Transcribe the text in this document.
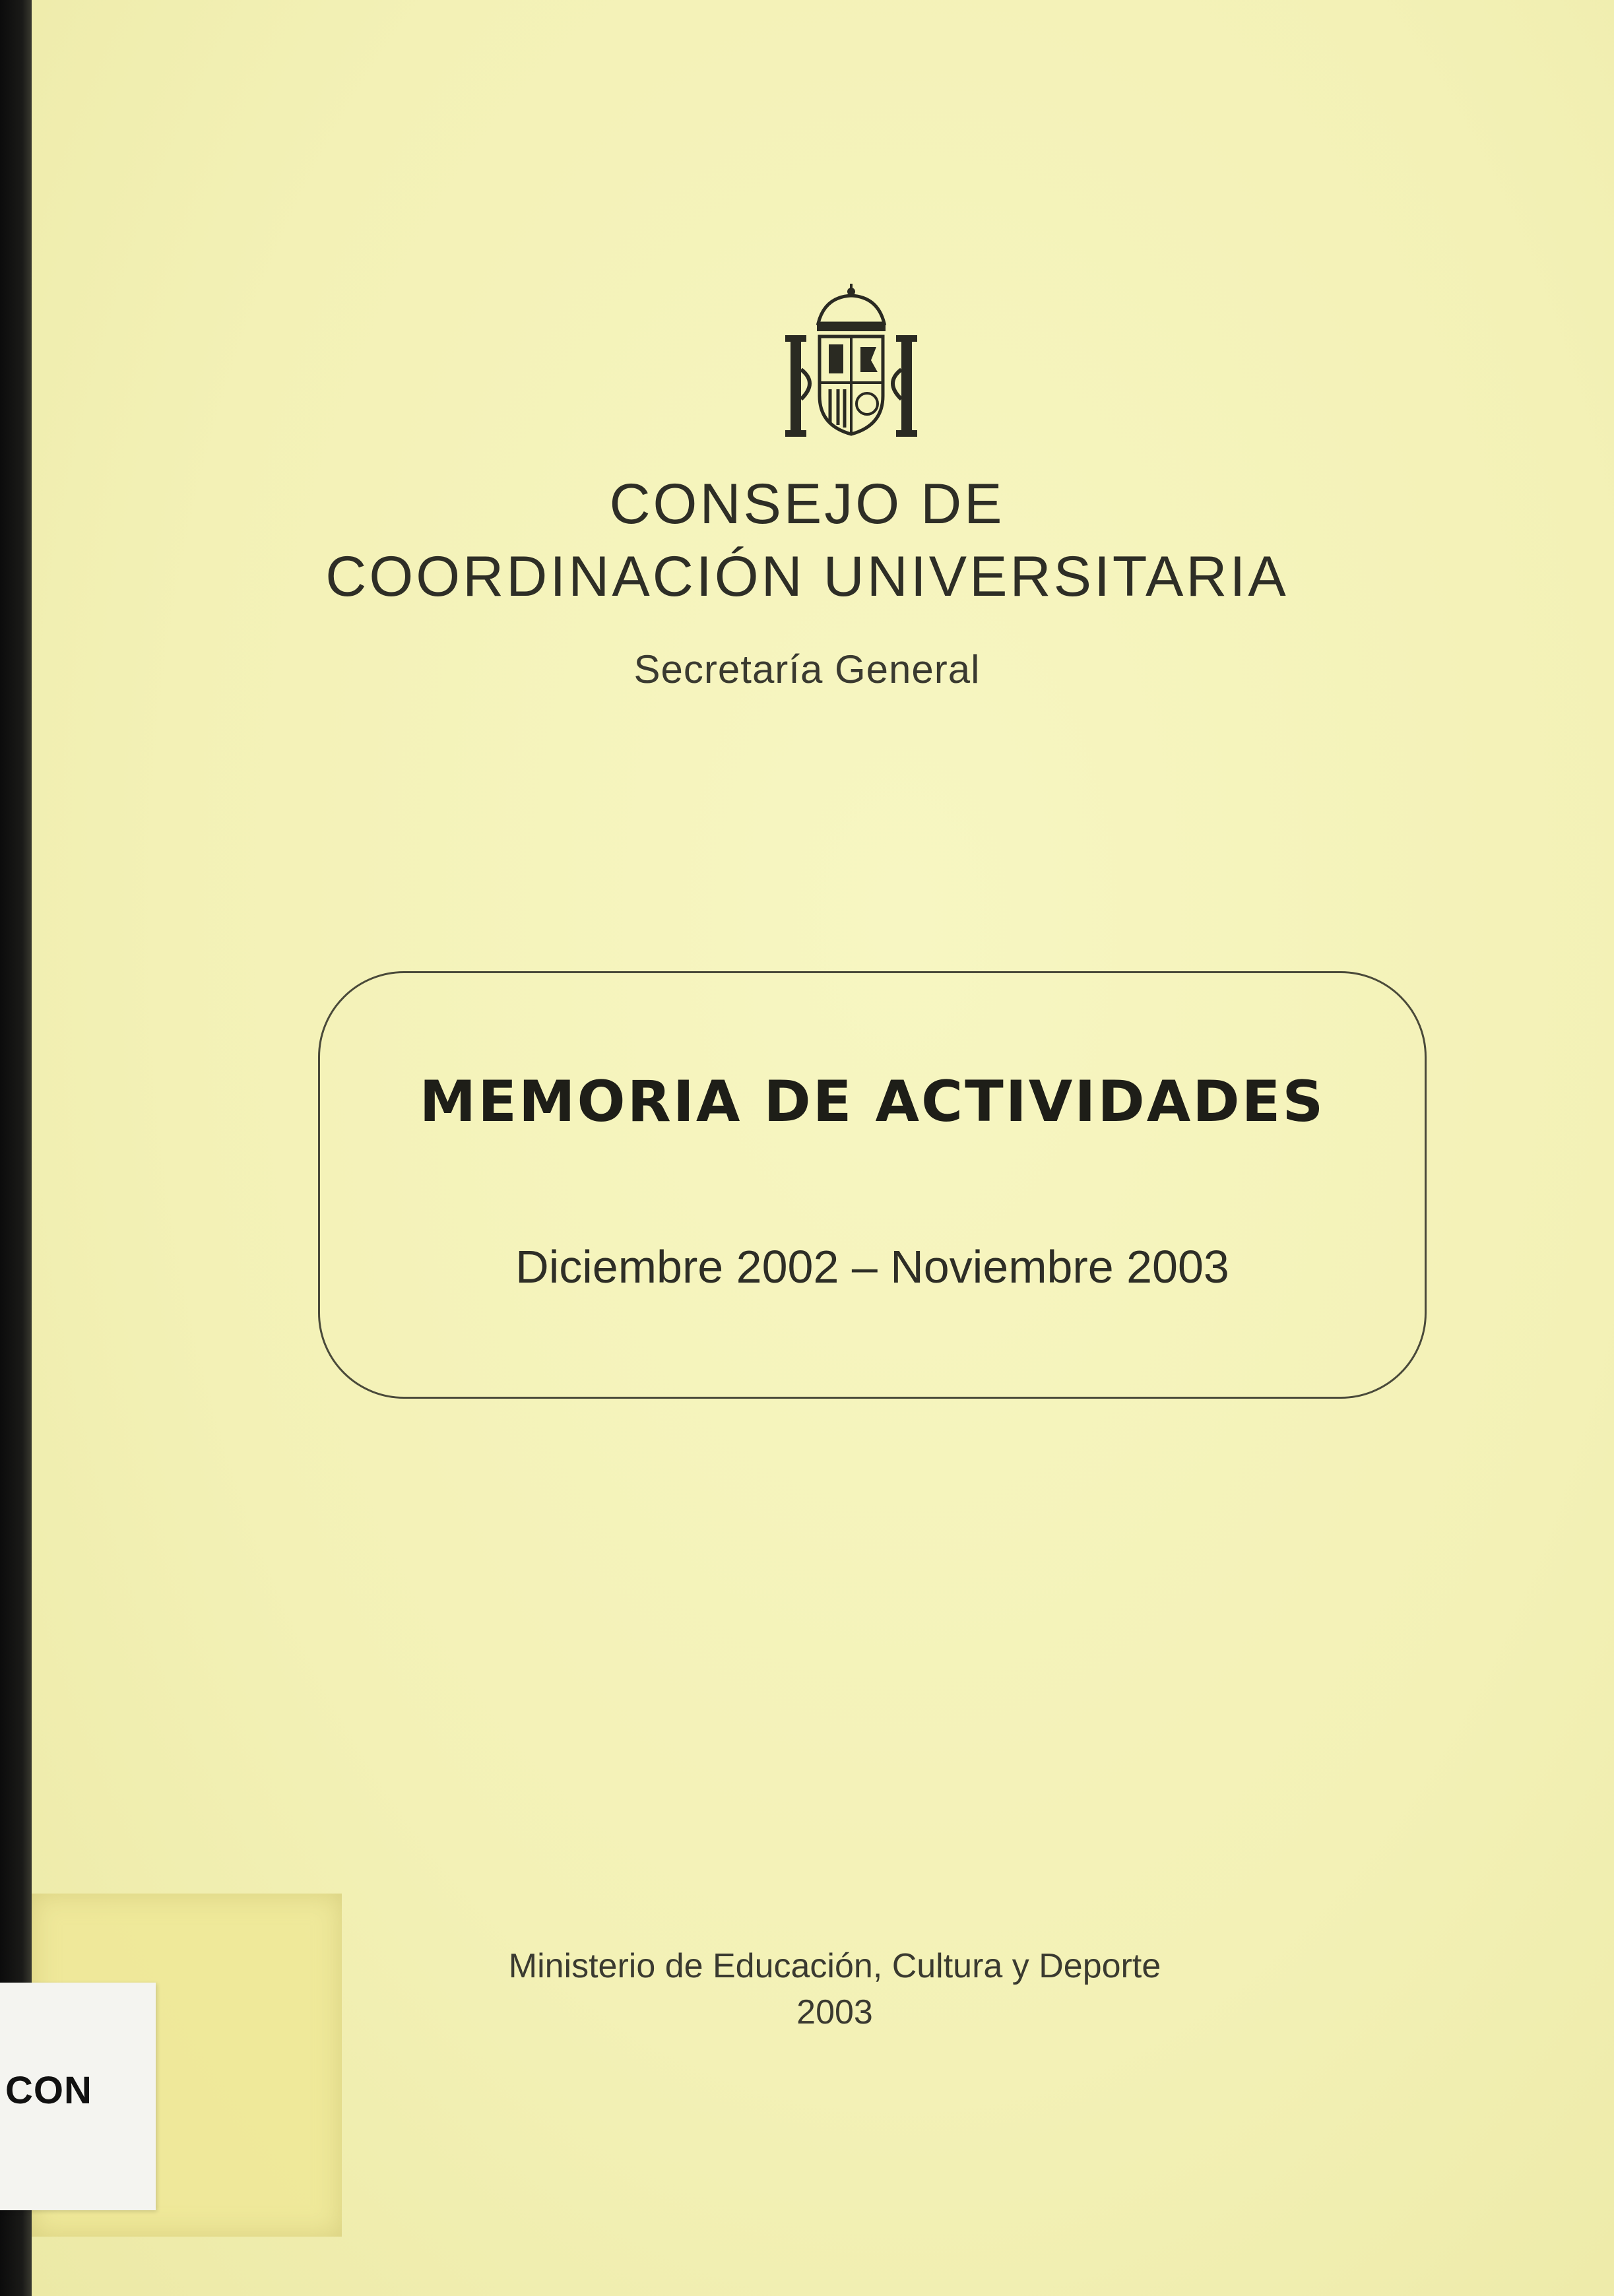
CONSEJO DE
COORDINACIÓN UNIVERSITARIA
Secretaría General
MEMORIA DE ACTIVIDADES
Diciembre 2002 – Noviembre 2003
Ministerio de Educación, Cultura y Deporte
2003
CON
